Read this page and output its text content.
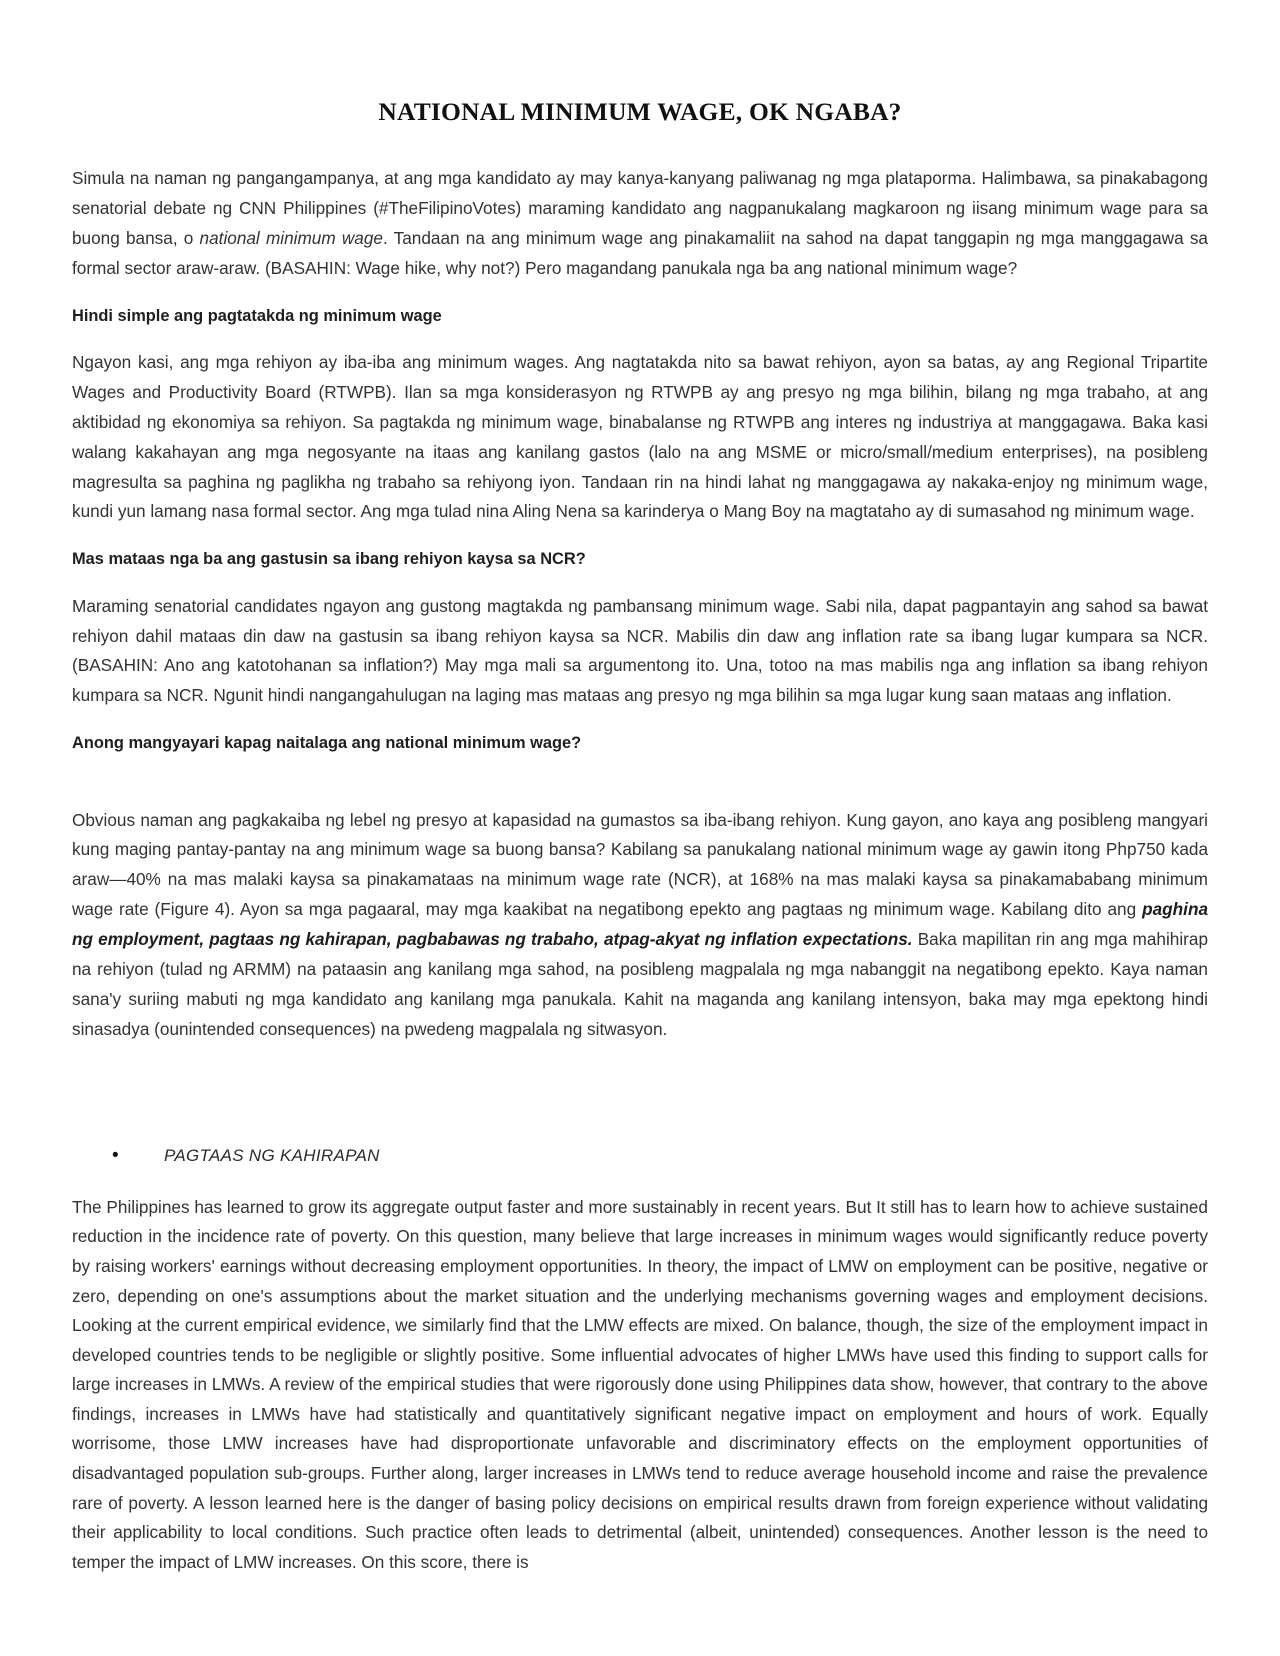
NATIONAL MINIMUM WAGE, OK NGABA?

Simula na naman ng pangangampanya, at ang mga kandidato ay may kanya-kanyang paliwanag ng mga plataporma. Halimbawa, sa pinakabagong senatorial debate ng CNN Philippines (#TheFilipinoVotes) maraming kandidato ang nagpanukalang magkaroon ng iisang minimum wage para sa buong bansa, o national minimum wage. Tandaan na ang minimum wage ang pinakamaliit na sahod na dapat tanggapin ng mga manggagawa sa formal sector araw-araw. (BASAHIN: Wage hike, why not?) Pero magandang panukala nga ba ang national minimum wage?

Hindi simple ang pagtatakda ng minimum wage

Ngayon kasi, ang mga rehiyon ay iba-iba ang minimum wages. Ang nagtatakda nito sa bawat rehiyon, ayon sa batas, ay ang Regional Tripartite Wages and Productivity Board (RTWPB). Ilan sa mga konsiderasyon ng RTWPB ay ang presyo ng mga bilihin, bilang ng mga trabaho, at ang aktibidad ng ekonomiya sa rehiyon. Sa pagtakda ng minimum wage, binabalanse ng RTWPB ang interes ng industriya at manggagawa. Baka kasi walang kakahayan ang mga negosyante na itaas ang kanilang gastos (lalo na ang MSME or micro/small/medium enterprises), na posibleng magresulta sa paghina ng paglikha ng trabaho sa rehiyong iyon. Tandaan rin na hindi lahat ng manggagawa ay nakaka-enjoy ng minimum wage, kundi yun lamang nasa formal sector. Ang mga tulad nina Aling Nena sa karinderya o Mang Boy na magtataho ay di sumasahod ng minimum wage.

Mas mataas nga ba ang gastusin sa ibang rehiyon kaysa sa NCR?

Maraming senatorial candidates ngayon ang gustong magtakda ng pambansang minimum wage. Sabi nila, dapat pagpantayin ang sahod sa bawat rehiyon dahil mataas din daw na gastusin sa ibang rehiyon kaysa sa NCR. Mabilis din daw ang inflation rate sa ibang lugar kumpara sa NCR. (BASAHIN: Ano ang katotohanan sa inflation?) May mga mali sa argumentong ito. Una, totoo na mas mabilis nga ang inflation sa ibang rehiyon kumpara sa NCR. Ngunit hindi nangangahulugan na laging mas mataas ang presyo ng mga bilihin sa mga lugar kung saan mataas ang inflation.

Anong mangyayari kapag naitalaga ang national minimum wage?

Obvious naman ang pagkakaiba ng lebel ng presyo at kapasidad na gumastos sa iba-ibang rehiyon. Kung gayon, ano kaya ang posibleng mangyari kung maging pantay-pantay na ang minimum wage sa buong bansa? Kabilang sa panukalang national minimum wage ay gawin itong Php750 kada araw—40% na mas malaki kaysa sa pinakamataas na minimum wage rate (NCR), at 168% na mas malaki kaysa sa pinakamababang minimum wage rate (Figure 4). Ayon sa mga pagaaral, may mga kaakibat na negatibong epekto ang pagtaas ng minimum wage. Kabilang dito ang paghina ng employment, pagtaas ng kahirapan, pagbabawas ng trabaho, atpag-akyat ng inflation expectations. Baka mapilitan rin ang mga mahihirap na rehiyon (tulad ng ARMM) na pataasin ang kanilang mga sahod, na posibleng magpalala ng mga nabanggit na negatibong epekto. Kaya naman sana'y suriing mabuti ng mga kandidato ang kanilang mga panukala. Kahit na maganda ang kanilang intensyon, baka may mga epektong hindi sinasadya (ounintended consequences) na pwedeng magpalala ng sitwasyon.

• PAGTAAS NG KAHIRAPAN

The Philippines has learned to grow its aggregate output faster and more sustainably in recent years. But It still has to learn how to achieve sustained reduction in the incidence rate of poverty. On this question, many believe that large increases in minimum wages would significantly reduce poverty by raising workers' earnings without decreasing employment opportunities. In theory, the impact of LMW on employment can be positive, negative or zero, depending on one's assumptions about the market situation and the underlying mechanisms governing wages and employment decisions. Looking at the current empirical evidence, we similarly find that the LMW effects are mixed. On balance, though, the size of the employment impact in developed countries tends to be negligible or slightly positive. Some influential advocates of higher LMWs have used this finding to support calls for large increases in LMWs. A review of the empirical studies that were rigorously done using Philippines data show, however, that contrary to the above findings, increases in LMWs have had statistically and quantitatively significant negative impact on employment and hours of work. Equally worrisome, those LMW increases have had disproportionate unfavorable and discriminatory effects on the employment opportunities of disadvantaged population sub-groups. Further along, larger increases in LMWs tend to reduce average household income and raise the prevalence rare of poverty. A lesson learned here is the danger of basing policy decisions on empirical results drawn from foreign experience without validating their applicability to local conditions. Such practice often leads to detrimental (albeit, unintended) consequences. Another lesson is the need to temper the impact of LMW increases. On this score, there is
